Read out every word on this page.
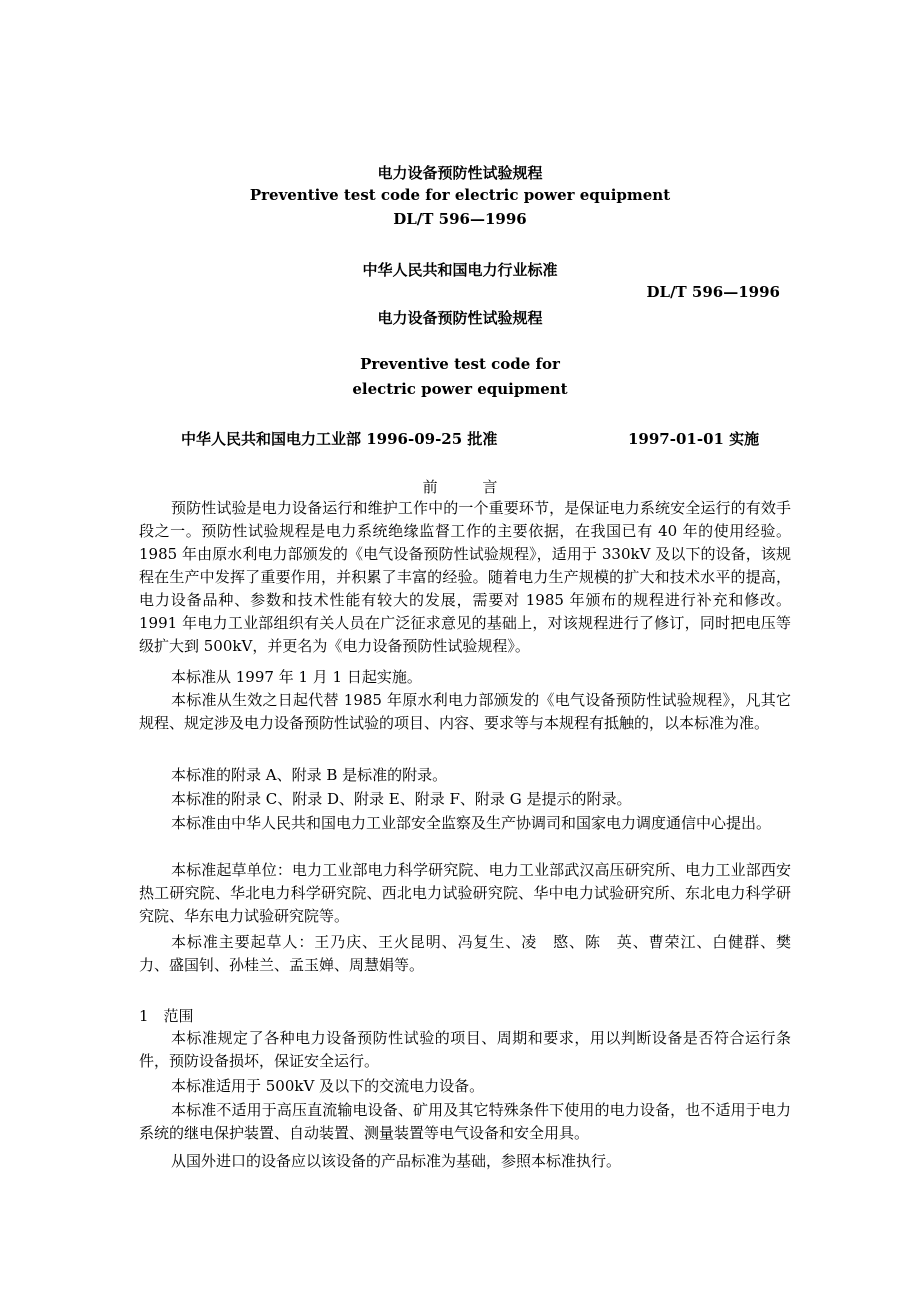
电力设备预防性试验规程
Preventive test code for electric power equipment
DL/T 596—1996
中华人民共和国电力行业标准
DL/T 596—1996
电力设备预防性试验规程
Preventive test code for
electric power equipment
中华人民共和国电力工业部 1996-09-25 批准	1997-01-01 实施
前 言

预防性试验是电力设备运行和维护工作中的一个重要环节，是保证电力系统安全运行的有效手段之一。预防性试验规程是电力系统绝缘监督工作的主要依据，在我国已有 40 年的使用经验。1985 年由原水利电力部颁发的《电气设备预防性试验规程》，适用于 330kV 及以下的设备，该规程在生产中发挥了重要作用，并积累了丰富的经验。随着电力生产规模的扩大和技术水平的提高，电力设备品种、参数和技术性能有较大的发展，需要对 1985 年颁布的规程进行补充和修改。1991 年电力工业部组织有关人员在广泛征求意见的基础上，对该规程进行了修订，同时把电压等级扩大到 500kV，并更名为《电力设备预防性试验规程》。

本标准从 1997 年 1 月 1 日起实施。

本标准从生效之日起代替 1985 年原水利电力部颁发的《电气设备预防性试验规程》，凡其它规程、规定涉及电力设备预防性试验的项目、内容、要求等与本规程有抵触的，以本标准为准。

本标准的附录 A、附录 B 是标准的附录。

本标准的附录 C、附录 D、附录 E、附录 F、附录 G 是提示的附录。

本标准由中华人民共和国电力工业部安全监察及生产协调司和国家电力调度通信中心提出。

本标准起草单位：电力工业部电力科学研究院、电力工业部武汉高压研究所、电力工业部西安热工研究院、华北电力科学研究院、西北电力试验研究院、华中电力试验研究所、东北电力科学研究院、华东电力试验研究院等。

本标准主要起草人：王乃庆、王火昆明、冯复生、凌　愍、陈　英、曹荣江、白健群、樊　力、盛国钊、孙桂兰、孟玉婵、周慧娟等。

1　范围

本标准规定了各种电力设备预防性试验的项目、周期和要求，用以判断设备是否符合运行条件，预防设备损坏，保证安全运行。

本标准适用于 500kV 及以下的交流电力设备。

本标准不适用于高压直流输电设备、矿用及其它特殊条件下使用的电力设备，也不适用于电力系统的继电保护装置、自动装置、测量装置等电气设备和安全用具。

从国外进口的设备应以该设备的产品标准为基础，参照本标准执行。
